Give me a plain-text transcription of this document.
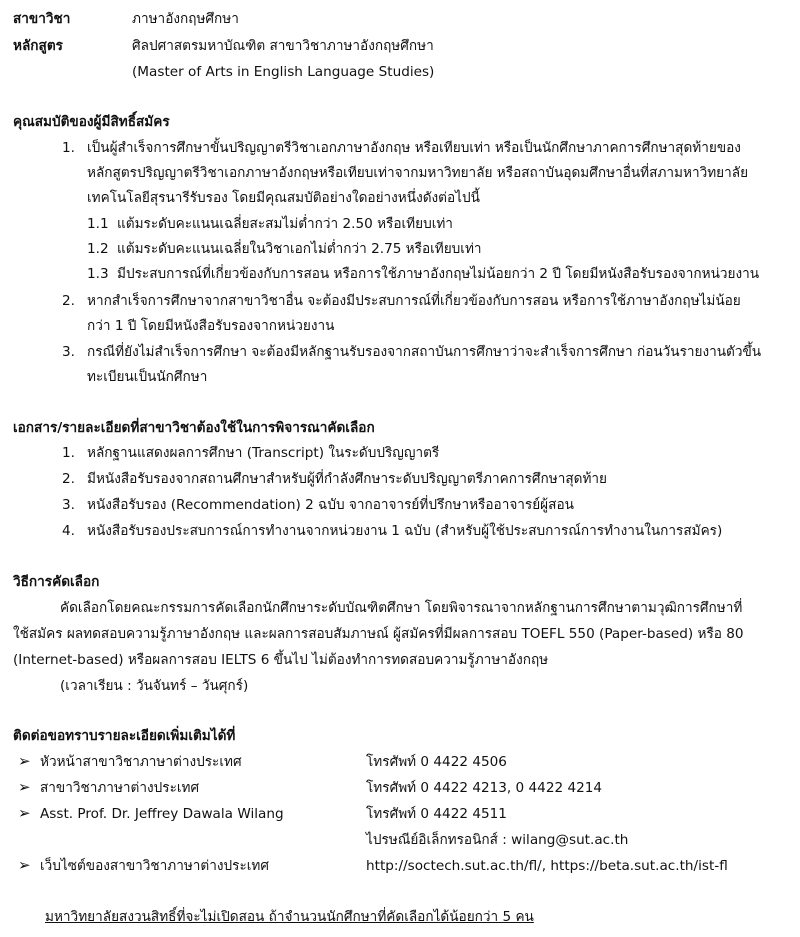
สาขาวิชา	ภาษาอังกฤษศึกษา
หลักสูตร	ศิลปศาสตรมหาบัณฑิต สาขาวิชาภาษาอังกฤษศึกษา
(Master of Arts in English Language Studies)
คุณสมบัติของผู้มีสิทธิ์สมัคร
1. เป็นผู้สำเร็จการศึกษาขั้นปริญญาตรีวิชาเอกภาษาอังกฤษ หรือเทียบเท่า หรือเป็นนักศึกษาภาคการศึกษาสุดท้ายของ
หลักสูตรปริญญาตรีวิชาเอกภาษาอังกฤษหรือเทียบเท่าจากมหาวิทยาลัย หรือสถาบันอุดมศึกษาอื่นที่สภามหาวิทยาลัย
เทคโนโลยีสุรนารีรับรอง โดยมีคุณสมบัติอย่างใดอย่างหนึ่งดังต่อไปนี้
1.1 แต้มระดับคะแนนเฉลี่ยสะสมไม่ต่ำกว่า 2.50 หรือเทียบเท่า
1.2 แต้มระดับคะแนนเฉลี่ยในวิชาเอกไม่ต่ำกว่า 2.75 หรือเทียบเท่า
1.3 มีประสบการณ์ที่เกี่ยวข้องกับการสอน หรือการใช้ภาษาอังกฤษไม่น้อยกว่า 2 ปี โดยมีหนังสือรับรองจากหน่วยงาน
2. หากสำเร็จการศึกษาจากสาขาวิชาอื่น จะต้องมีประสบการณ์ที่เกี่ยวข้องกับการสอน หรือการใช้ภาษาอังกฤษไม่น้อย
กว่า 1 ปี โดยมีหนังสือรับรองจากหน่วยงาน
3. กรณีที่ยังไม่สำเร็จการศึกษา จะต้องมีหลักฐานรับรองจากสถาบันการศึกษาว่าจะสำเร็จการศึกษา ก่อนวันรายงานตัวขึ้น
ทะเบียนเป็นนักศึกษา
เอกสาร/รายละเอียดที่สาขาวิชาต้องใช้ในการพิจารณาคัดเลือก
1. หลักฐานแสดงผลการศึกษา (Transcript) ในระดับปริญญาตรี
2. มีหนังสือรับรองจากสถานศึกษาสำหรับผู้ที่กำลังศึกษาระดับปริญญาตรีภาคการศึกษาสุดท้าย
3. หนังสือรับรอง (Recommendation) 2 ฉบับ จากอาจารย์ที่ปรึกษาหรืออาจารย์ผู้สอน
4. หนังสือรับรองประสบการณ์การทำงานจากหน่วยงาน 1 ฉบับ (สำหรับผู้ใช้ประสบการณ์การทำงานในการสมัคร)
วิธีการคัดเลือก
คัดเลือกโดยคณะกรรมการคัดเลือกนักศึกษาระดับบัณฑิตศึกษา โดยพิจารณาจากหลักฐานการศึกษาตามวุฒิการศึกษาที่
ใช้สมัคร ผลทดสอบความรู้ภาษาอังกฤษ และผลการสอบสัมภาษณ์ ผู้สมัครที่มีผลการสอบ TOEFL 550 (Paper-based) หรือ 80
(Internet-based) หรือผลการสอบ IELTS 6 ขึ้นไป ไม่ต้องทำการทดสอบความรู้ภาษาอังกฤษ
(เวลาเรียน : วันจันทร์ – วันศุกร์)
ติดต่อขอทราบรายละเอียดเพิ่มเติมได้ที่
➢ หัวหน้าสาขาวิชาภาษาต่างประเทศ	โทรศัพท์ 0 4422 4506
➢ สาขาวิชาภาษาต่างประเทศ	โทรศัพท์ 0 4422 4213, 0 4422 4214
➢ Asst. Prof. Dr. Jeffrey Dawala Wilang	โทรศัพท์ 0 4422 4511
ไปรษณีย์อิเล็กทรอนิกส์ : wilang@sut.ac.th
➢ เว็บไซต์ของสาขาวิชาภาษาต่างประเทศ	http://soctech.sut.ac.th/fl/, https://beta.sut.ac.th/ist-fl
มหาวิทยาลัยสงวนสิทธิ์ที่จะไม่เปิดสอน ถ้าจำนวนนักศึกษาที่คัดเลือกได้น้อยกว่า 5 คน
